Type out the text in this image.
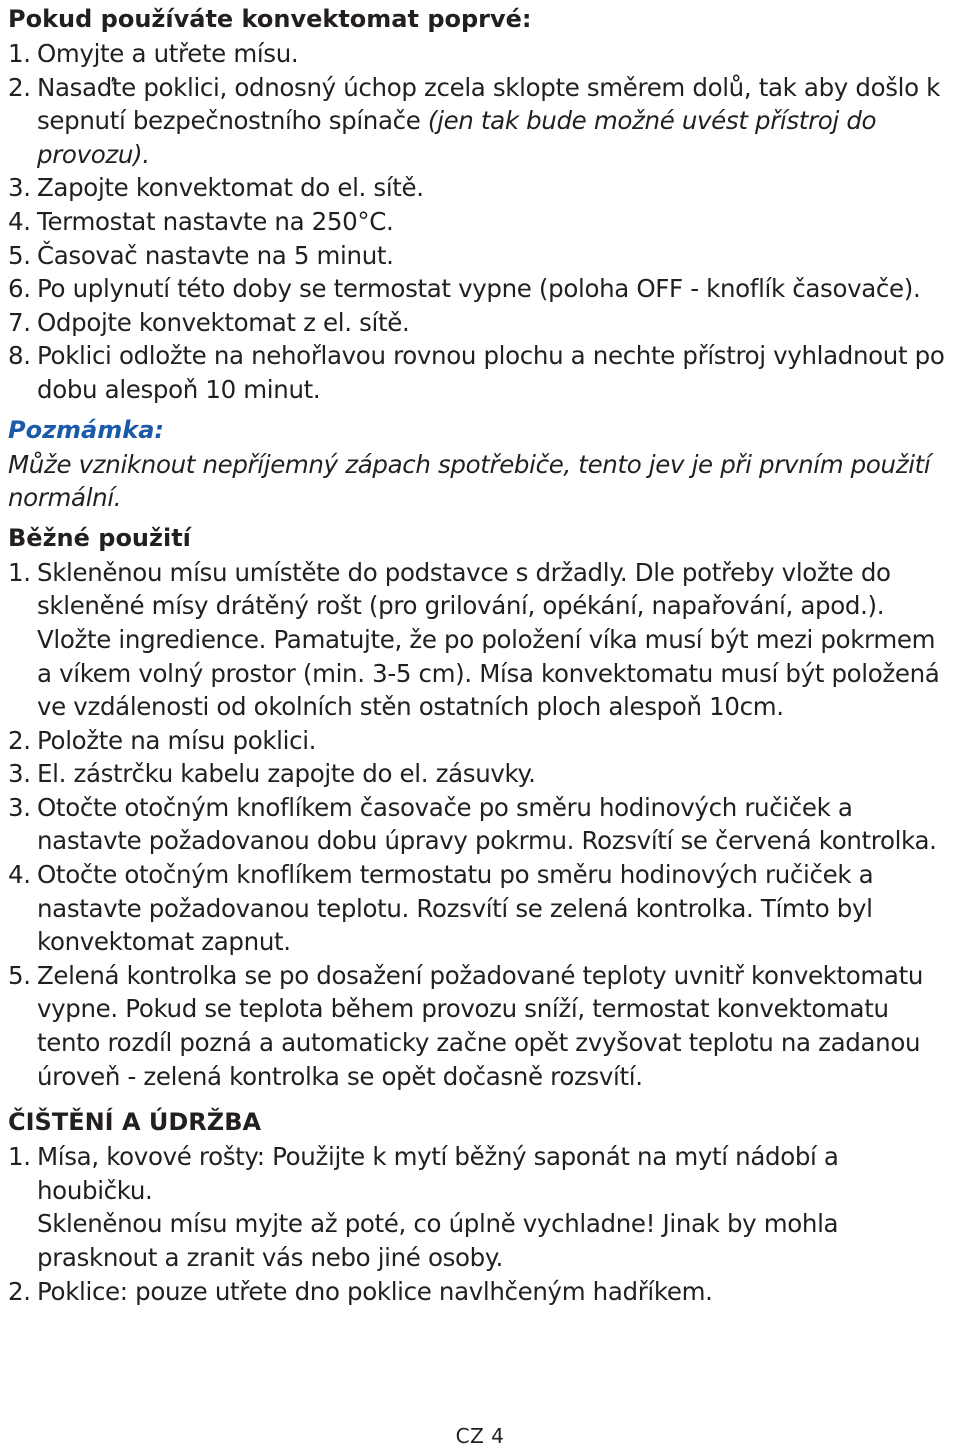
Pokud používáte konvektomat poprvé:
1. Omyjte a utřete mísu.
2. Nasaďte poklici, odnosný úchop zcela sklopte směrem dolů, tak aby došlo k sepnutí bezpečnostního spínače (jen tak bude možné uvést přístroj do provozu).
3. Zapojte konvektomat do el. sítě.
4. Termostat nastavte na 250°C.
5. Časovač nastavte na 5 minut.
6. Po uplynutí této doby se termostat vypne (poloha OFF - knoflík časovače).
7. Odpojte konvektomat z el. sítě.
8. Poklici odložte na nehořlavou rovnou plochu a nechte přístroj vyhladnout po dobu alespoň 10 minut.
Pozmámka:

Může vzniknout nepříjemný zápach spotřebiče, tento jev je při prvním použití normální.

Běžné použití
1. Skleněnou mísu umístěte do podstavce s držadly. Dle potřeby vložte do skleněné mísy drátěný rošt (pro grilování, opékání, napařování, apod.). Vložte ingredience. Pamatujte, že po položení víka musí být mezi pokrmem a víkem volný prostor (min. 3-5 cm). Mísa konvektomatu musí být položená ve vzdálenosti od okolních stěn ostatních ploch alespoň 10cm.
2. Položte na mísu poklici.
3. El. zástrčku kabelu zapojte do el. zásuvky.
3. Otočte otočným knoflíkem časovače po směru hodinových ručiček a nastavte požadovanou dobu úpravy pokrmu. Rozsvítí se červená kontrolka.
4. Otočte otočným knoflíkem termostatu po směru hodinových ručiček a nastavte požadovanou teplotu. Rozsvítí se zelená kontrolka. Tímto byl konvektomat zapnut.
5. Zelená kontrolka se po dosažení požadované teploty uvnitř konvektomatu vypne. Pokud se teplota během provozu sníží, termostat konvektomatu tento rozdíl pozná a automaticky začne opět zvyšovat teplotu na zadanou úroveň - zelená kontrolka se opět dočasně rozsvítí.
ČIŠTĚNÍ A ÚDRŽBA
1. Mísa, kovové rošty: Použijte k mytí běžný saponát na mytí nádobí a houbičku.
Skleněnou mísu myjte až poté, co úplně vychladne! Jinak by mohla prasknout a zranit vás nebo jiné osoby.
2. Poklice: pouze utřete dno poklice navlhčeným hadříkem.
CZ 4
